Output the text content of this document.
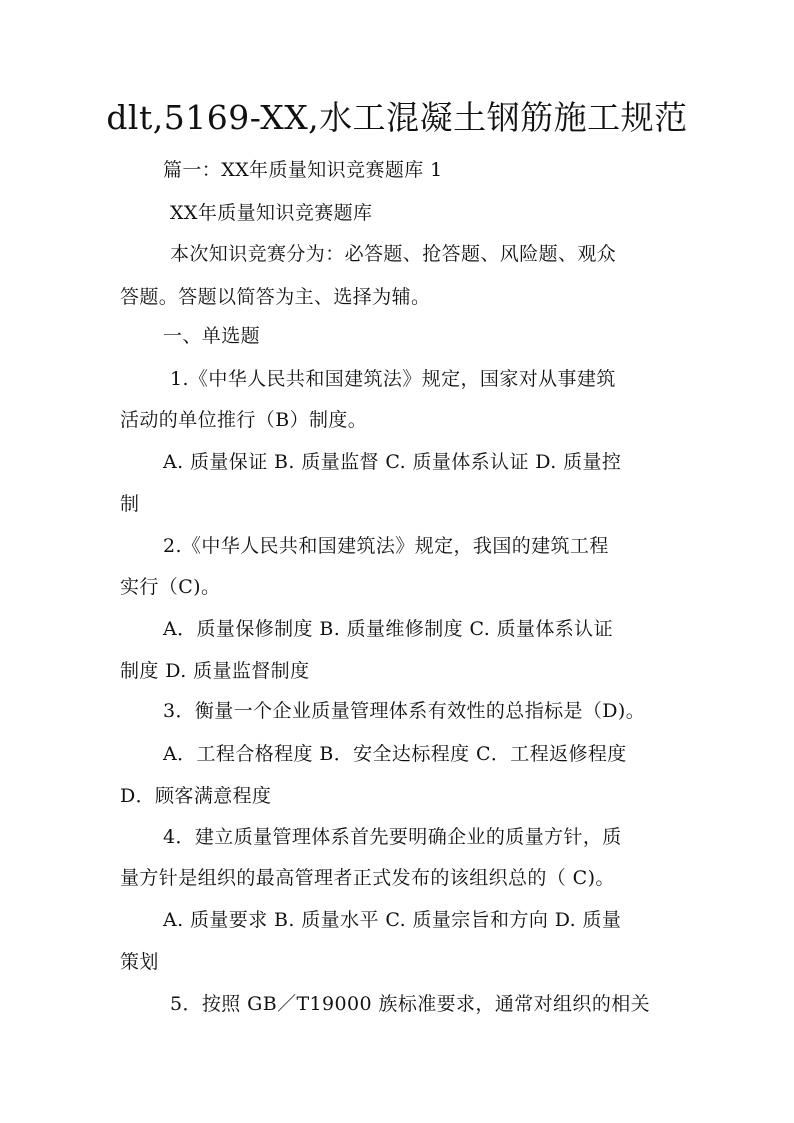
dlt,5169-XX,水工混凝土钢筋施工规范
篇一：XX年质量知识竞赛题库 1
XX年质量知识竞赛题库
本次知识竞赛分为：必答题、抢答题、风险题、观众
答题。答题以简答为主、选择为辅。
一、单选题
1.《中华人民共和国建筑法》规定，国家对从事建筑
活动的单位推行（B）制度。
A. 质量保证 B. 质量监督 C. 质量体系认证 D. 质量控
制
2.《中华人民共和国建筑法》规定，我国的建筑工程
实行（C)。
A．质量保修制度 B. 质量维修制度 C. 质量体系认证
制度 D. 质量监督制度
3．衡量一个企业质量管理体系有效性的总指标是（D)。
A．工程合格程度 B．安全达标程度 C．工程返修程度
D．顾客满意程度
4．建立质量管理体系首先要明确企业的质量方针，质
量方针是组织的最高管理者正式发布的该组织总的（ C)。
A. 质量要求 B. 质量水平 C. 质量宗旨和方向 D. 质量
策划
5．按照 GB／T19000 族标准要求，通常对组织的相关
